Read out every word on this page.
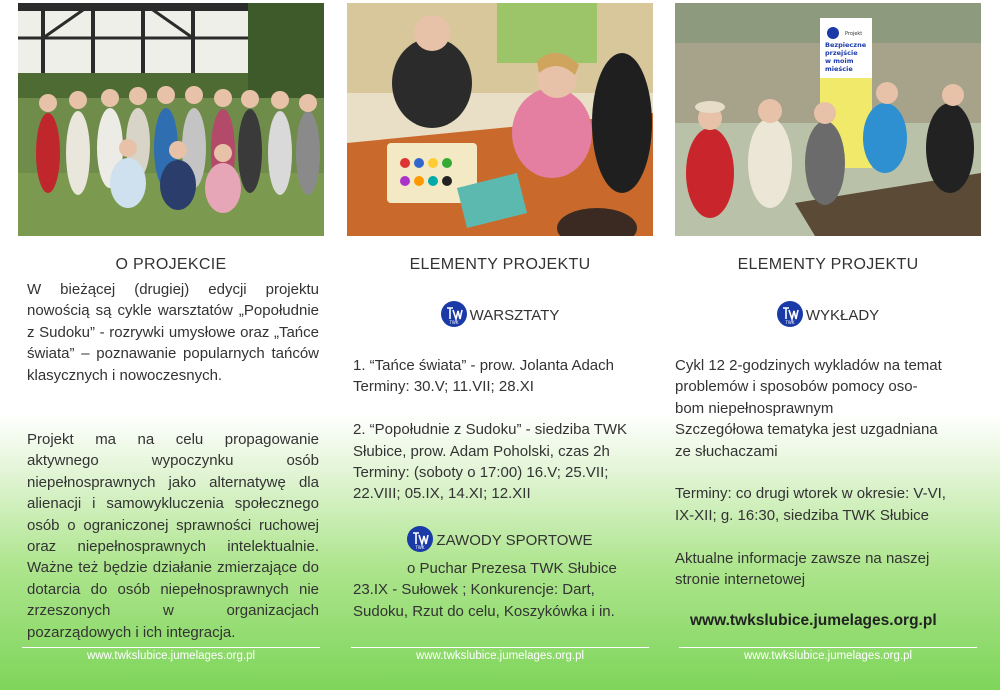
O PROJEKCIE
W bieżącej (drugiej) edycji projektu nowością są cykle warsztatów „Popołudnie z Sudoku” - rozrywki umysłowe oraz „Tańce świata” – poznawanie popularnych tańców klasycznych i nowoczesnych.
Projekt ma na celu propagowanie aktywnego wypoczynku osób niepełnosprawnych jako alternatywę dla alienacji i samowykluczenia społecznego osób o ograniczonej sprawności ruchowej oraz niepełnosprawnych intelektualnie. Ważne też będzie działanie zmierzające do dotarcia do osób niepełnosprawnych nie zrzeszonych w organizacjach pozarządowych i ich integracja.
www.twkslubice.jumelages.org.pl
ELEMENTY PROJEKTU
TWK WARSZTATY
1. “Tańce świata” - prow. Jolanta Adach
Terminy: 30.V; 11.VII; 28.XI
2. “Popołudnie z Sudoku” - siedziba TWK
Słubice, prow. Adam Poholski, czas 2h
Terminy: (soboty o 17:00) 16.V; 25.VII;
22.VIII; 05.IX, 14.XI; 12.XII
TWK ZAWODY SPORTOWE
o Puchar Prezesa TWK Słubice
23.IX - Sułowek ; Konkurencje: Dart,
Sudoku, Rzut do celu, Koszykówka i in.
www.twkslubice.jumelages.org.pl
Projekt
Bezpieczne
przejście
w moim
mieście
ELEMENTY PROJEKTU
TWK WYKŁADY
Cykl 12 2-godzinych wykladów na temat
problemów i sposobów pomocy oso-
bom niepełnosprawnym
Szczegółowa tematyka jest uzgadniana
ze słuchaczami
Terminy: co drugi wtorek w okresie: V-VI,
IX-XII; g. 16:30, siedziba TWK Słubice
Aktualne informacje zawsze na naszej
stronie internetowej
www.twkslubice.jumelages.org.pl
www.twkslubice.jumelages.org.pl
